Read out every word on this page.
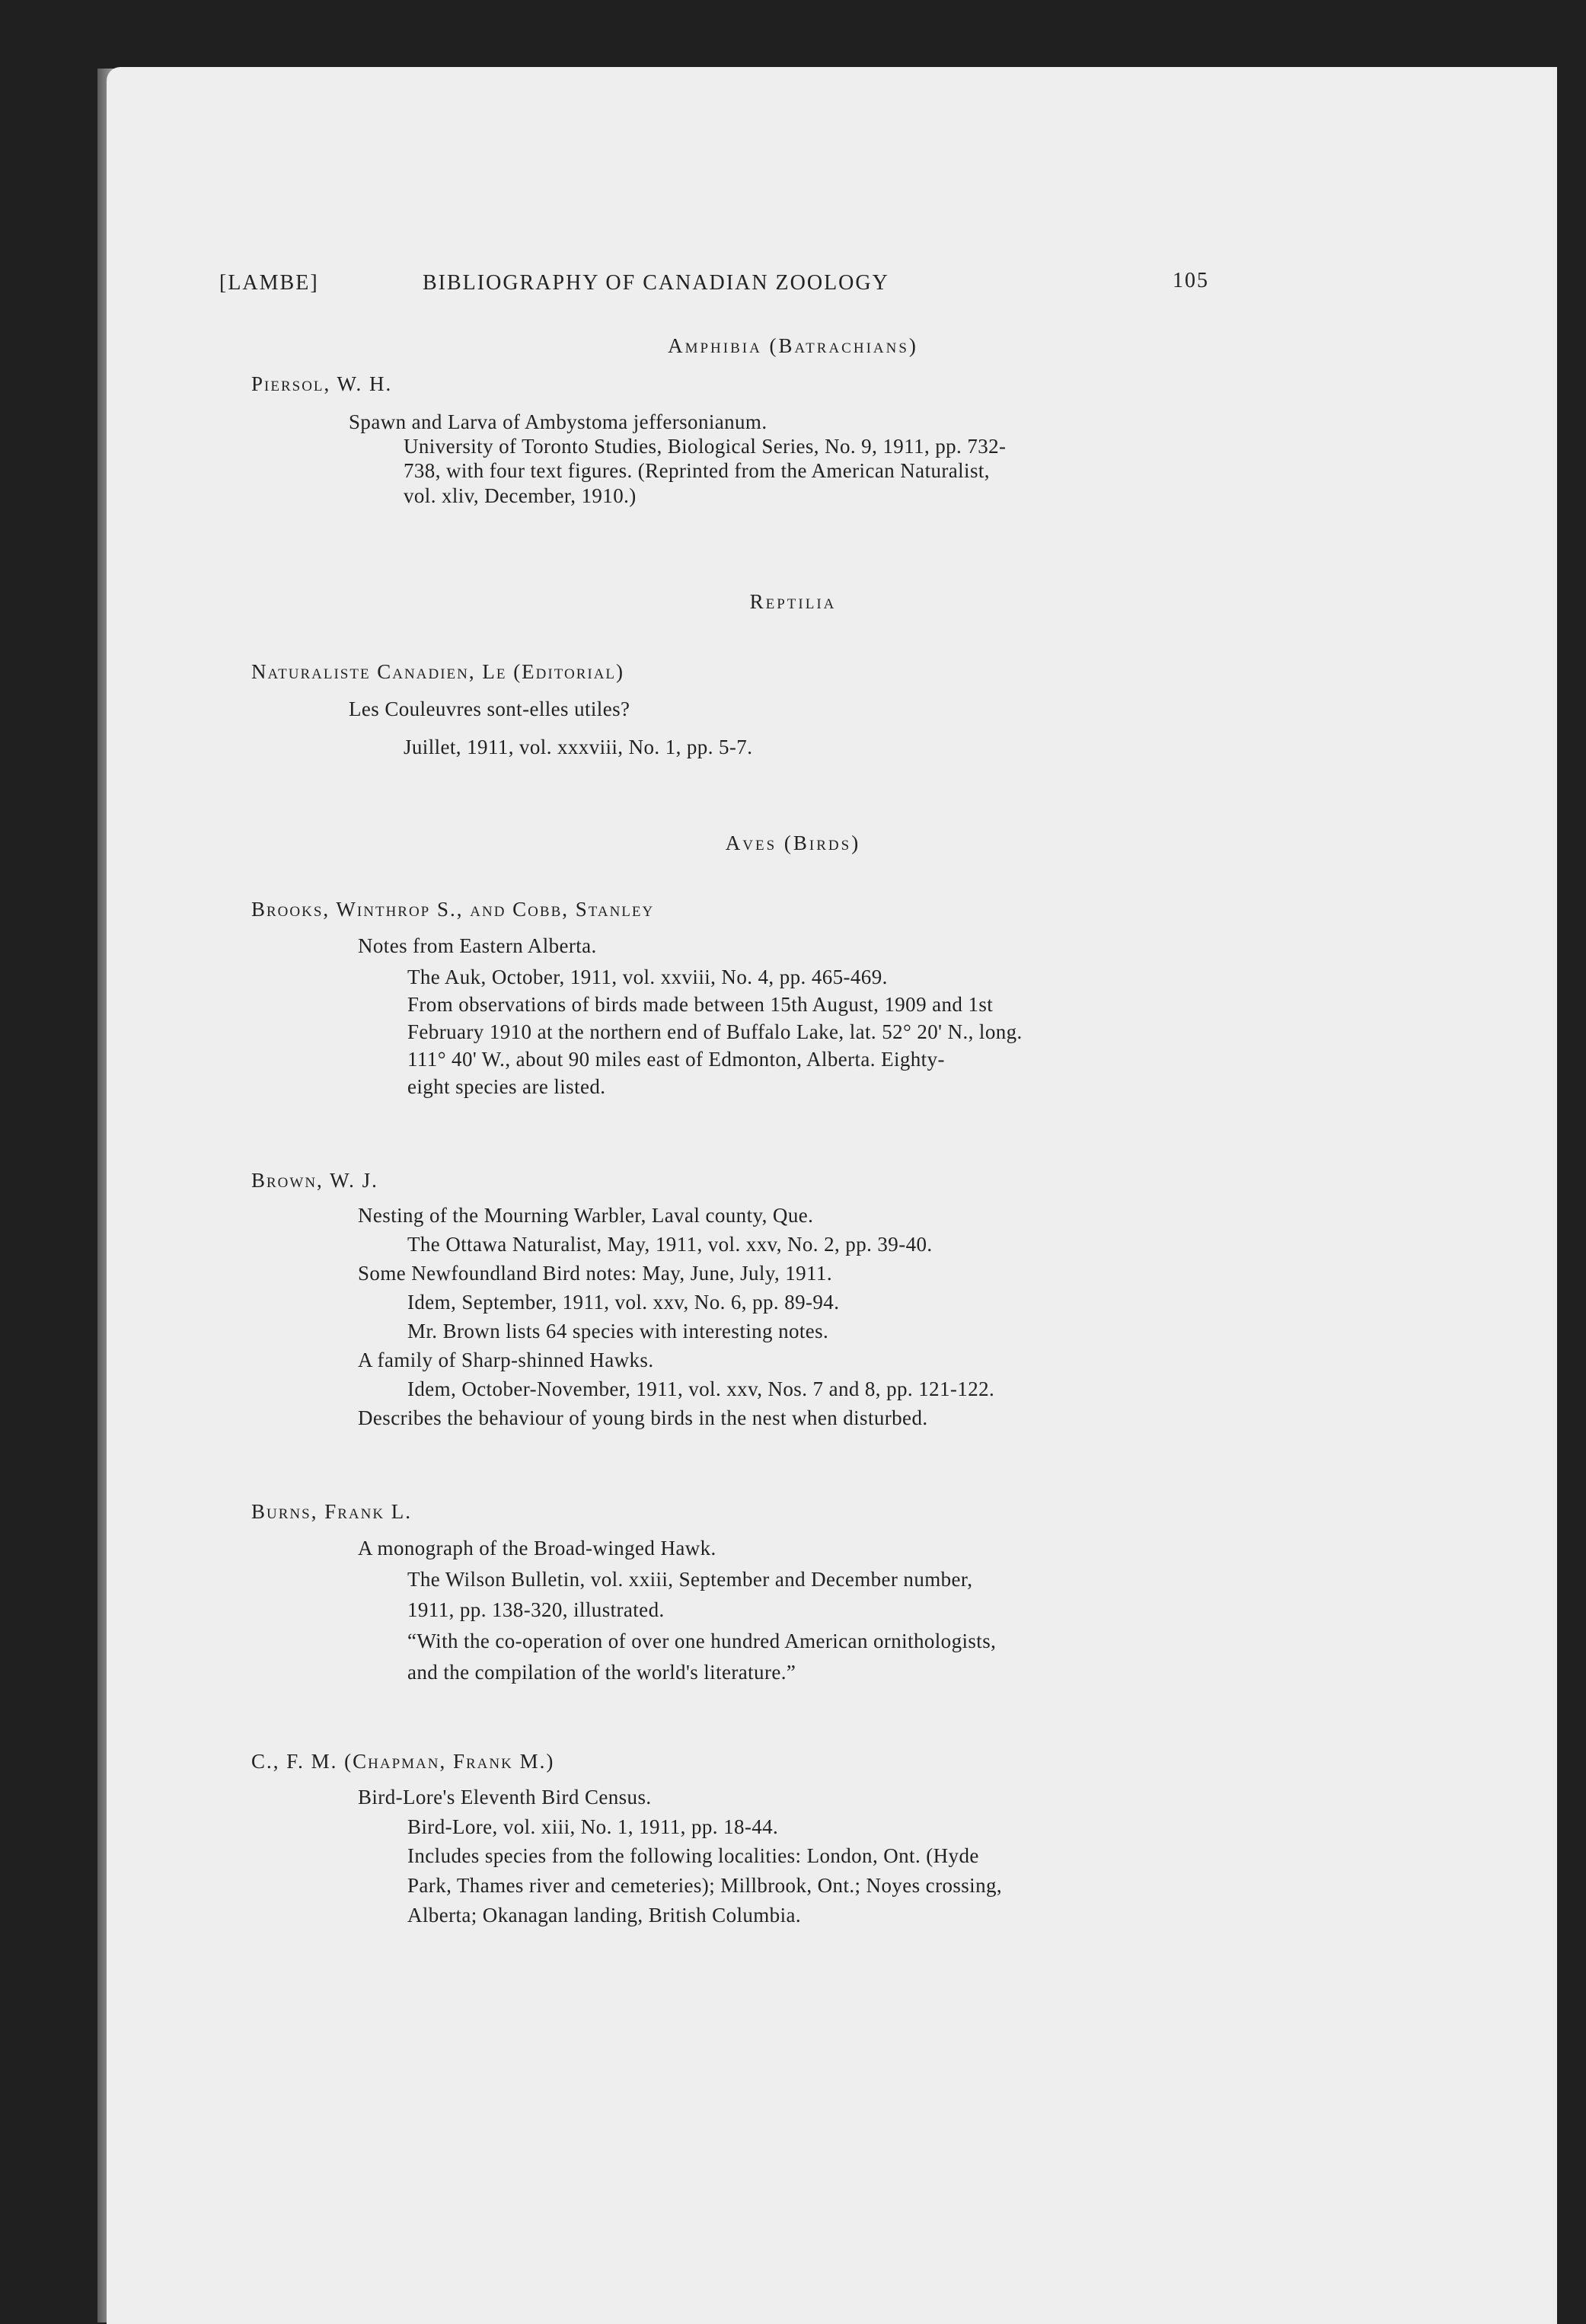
[LAMBE]	BIBLIOGRAPHY OF CANADIAN ZOOLOGY	105
Amphibia (Batrachians)
Piersol, W. H.
Spawn and Larva of Ambystoma jeffersonianum.
University of Toronto Studies, Biological Series, No. 9, 1911, pp. 732-
738, with four text figures. (Reprinted from the American Naturalist,
vol. xliv, December, 1910.)
Reptilia
Naturaliste Canadien, Le (Editorial)
Les Couleuvres sont-elles utiles?
Juillet, 1911, vol. xxxviii, No. 1, pp. 5-7.
Aves (Birds)
Brooks, Winthrop S., and Cobb, Stanley
Notes from Eastern Alberta.
The Auk, October, 1911, vol. xxviii, No. 4, pp. 465-469.
From observations of birds made between 15th August, 1909 and 1st
February 1910 at the northern end of Buffalo Lake, lat. 52° 20' N., long.
111° 40' W., about 90 miles east of Edmonton, Alberta. Eighty-
eight species are listed.
Brown, W. J.
Nesting of the Mourning Warbler, Laval county, Que.
The Ottawa Naturalist, May, 1911, vol. xxv, No. 2, pp. 39-40.
Some Newfoundland Bird notes: May, June, July, 1911.
Idem, September, 1911, vol. xxv, No. 6, pp. 89-94.
Mr. Brown lists 64 species with interesting notes.
A family of Sharp-shinned Hawks.
Idem, October-November, 1911, vol. xxv, Nos. 7 and 8, pp. 121-122.
Describes the behaviour of young birds in the nest when disturbed.
Burns, Frank L.
A monograph of the Broad-winged Hawk.
The Wilson Bulletin, vol. xxiii, September and December number,
1911, pp. 138-320, illustrated.
“With the co-operation of over one hundred American ornithologists,
and the compilation of the world's literature.”
C., F. M. (Chapman, Frank M.)
Bird-Lore's Eleventh Bird Census.
Bird-Lore, vol. xiii, No. 1, 1911, pp. 18-44.
Includes species from the following localities: London, Ont. (Hyde
Park, Thames river and cemeteries); Millbrook, Ont.; Noyes crossing,
Alberta; Okanagan landing, British Columbia.
